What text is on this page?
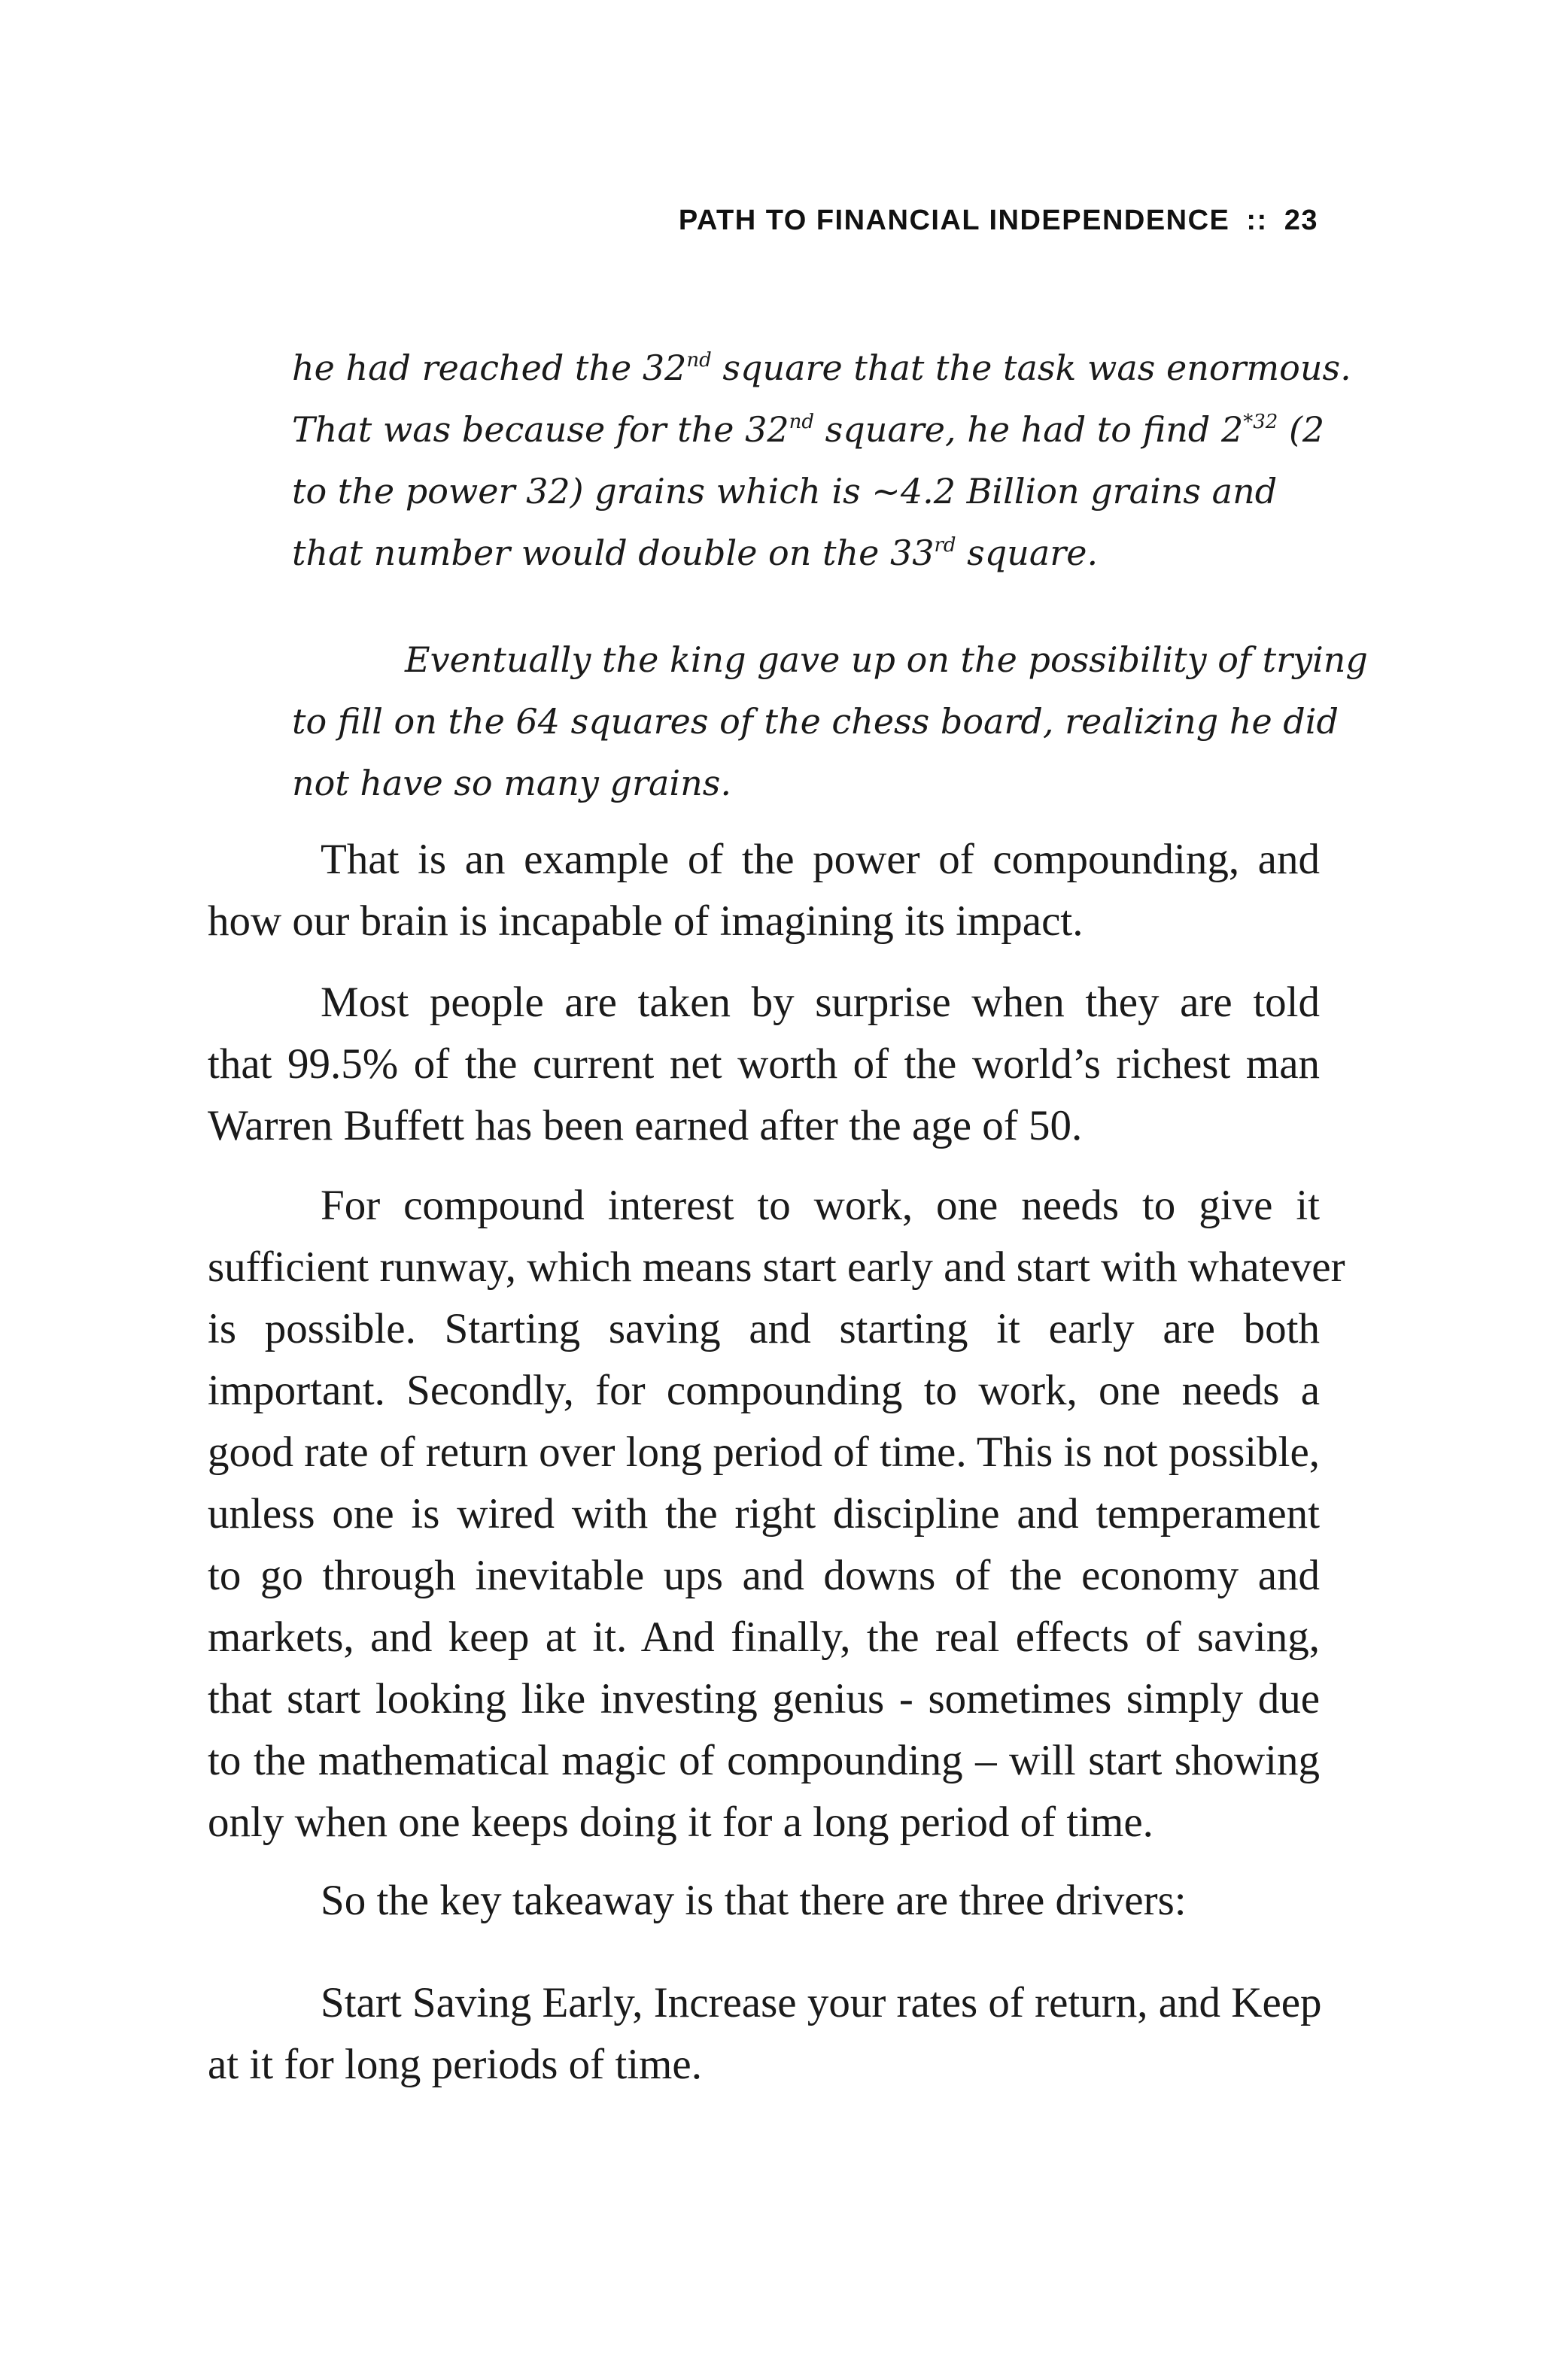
PATH TO FINANCIAL INDEPENDENCE :: 23
he had reached the 32nd square that the task was enormous.
That was because for the 32nd square, he had to find 2$^{*32}$ (2
to the power 32) grains which is ~4.2 Billion grains and
that number would double on the 33rd square.
Eventually the king gave up on the possibility of trying
to fill on the 64 squares of the chess board, realizing he did
not have so many grains.
That is an example of the power of compounding, and
how our brain is incapable of imagining its impact.
Most people are taken by surprise when they are told
that 99.5% of the current net worth of the world’s richest man
Warren Buffett has been earned after the age of 50.
For compound interest to work, one needs to give it
sufficient runway, which means start early and start with whatever
is possible. Starting saving and starting it early are both
important. Secondly, for compounding to work, one needs a
good rate of return over long period of time. This is not possible,
unless one is wired with the right discipline and temperament
to go through inevitable ups and downs of the economy and
markets, and keep at it. And finally, the real effects of saving,
that start looking like investing genius - sometimes simply due
to the mathematical magic of compounding – will start showing
only when one keeps doing it for a long period of time.
So the key takeaway is that there are three drivers:
Start Saving Early, Increase your rates of return, and Keep
at it for long periods of time.
